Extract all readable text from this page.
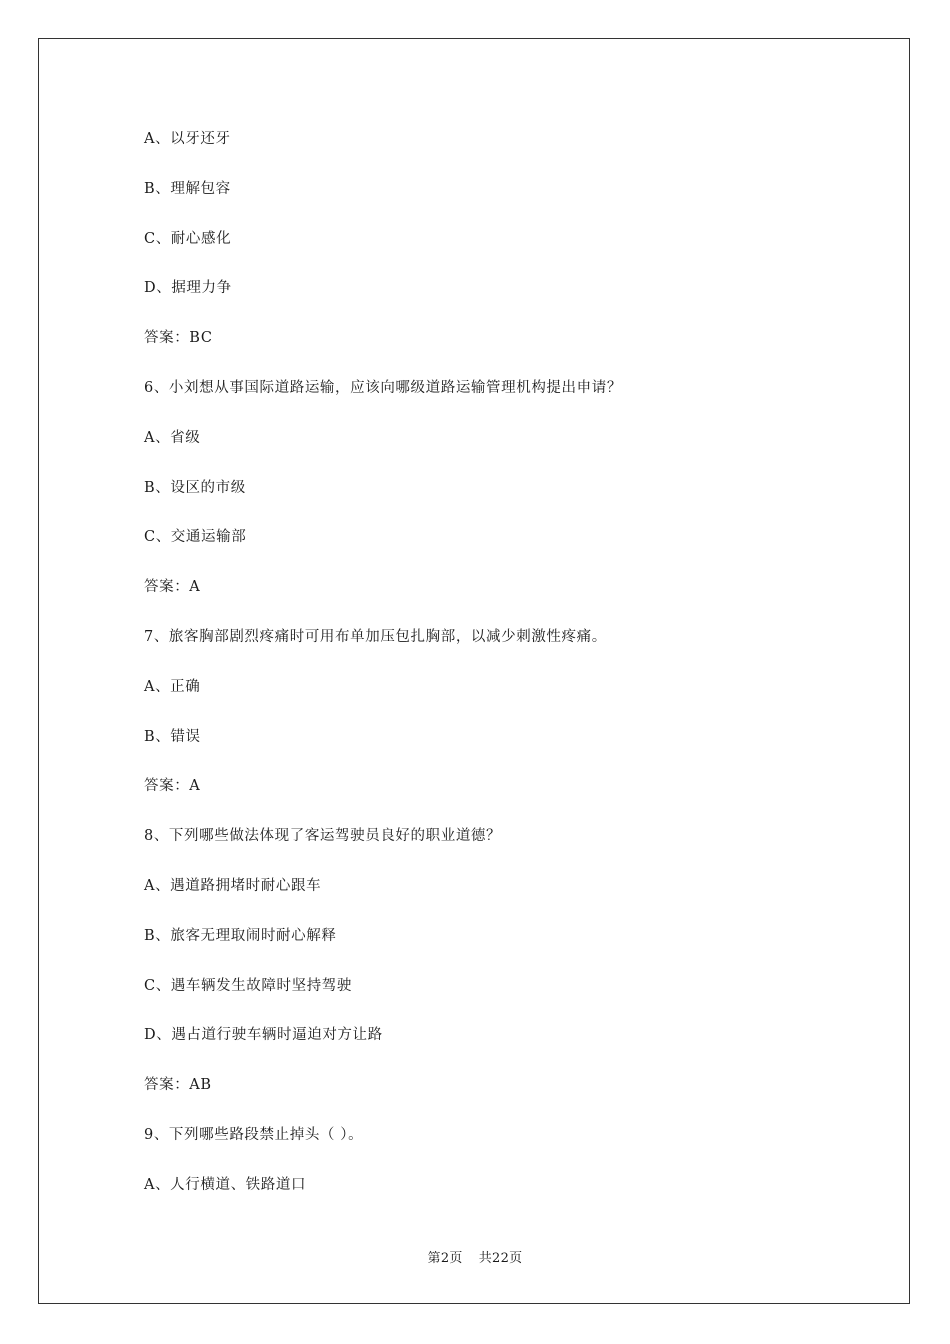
A、以牙还牙
B、理解包容
C、耐心感化
D、据理力争
答案：BC
6、小刘想从事国际道路运输，应该向哪级道路运输管理机构提出申请？
A、省级
B、设区的市级
C、交通运输部
答案：A
7、旅客胸部剧烈疼痛时可用布单加压包扎胸部，以减少刺激性疼痛。
A、正确
B、错误
答案：A
8、下列哪些做法体现了客运驾驶员良好的职业道德？
A、遇道路拥堵时耐心跟车
B、旅客无理取闹时耐心解释
C、遇车辆发生故障时坚持驾驶
D、遇占道行驶车辆时逼迫对方让路
答案：AB
9、下列哪些路段禁止掉头（ ）。
A、人行横道、铁路道口
第2页 共22页
